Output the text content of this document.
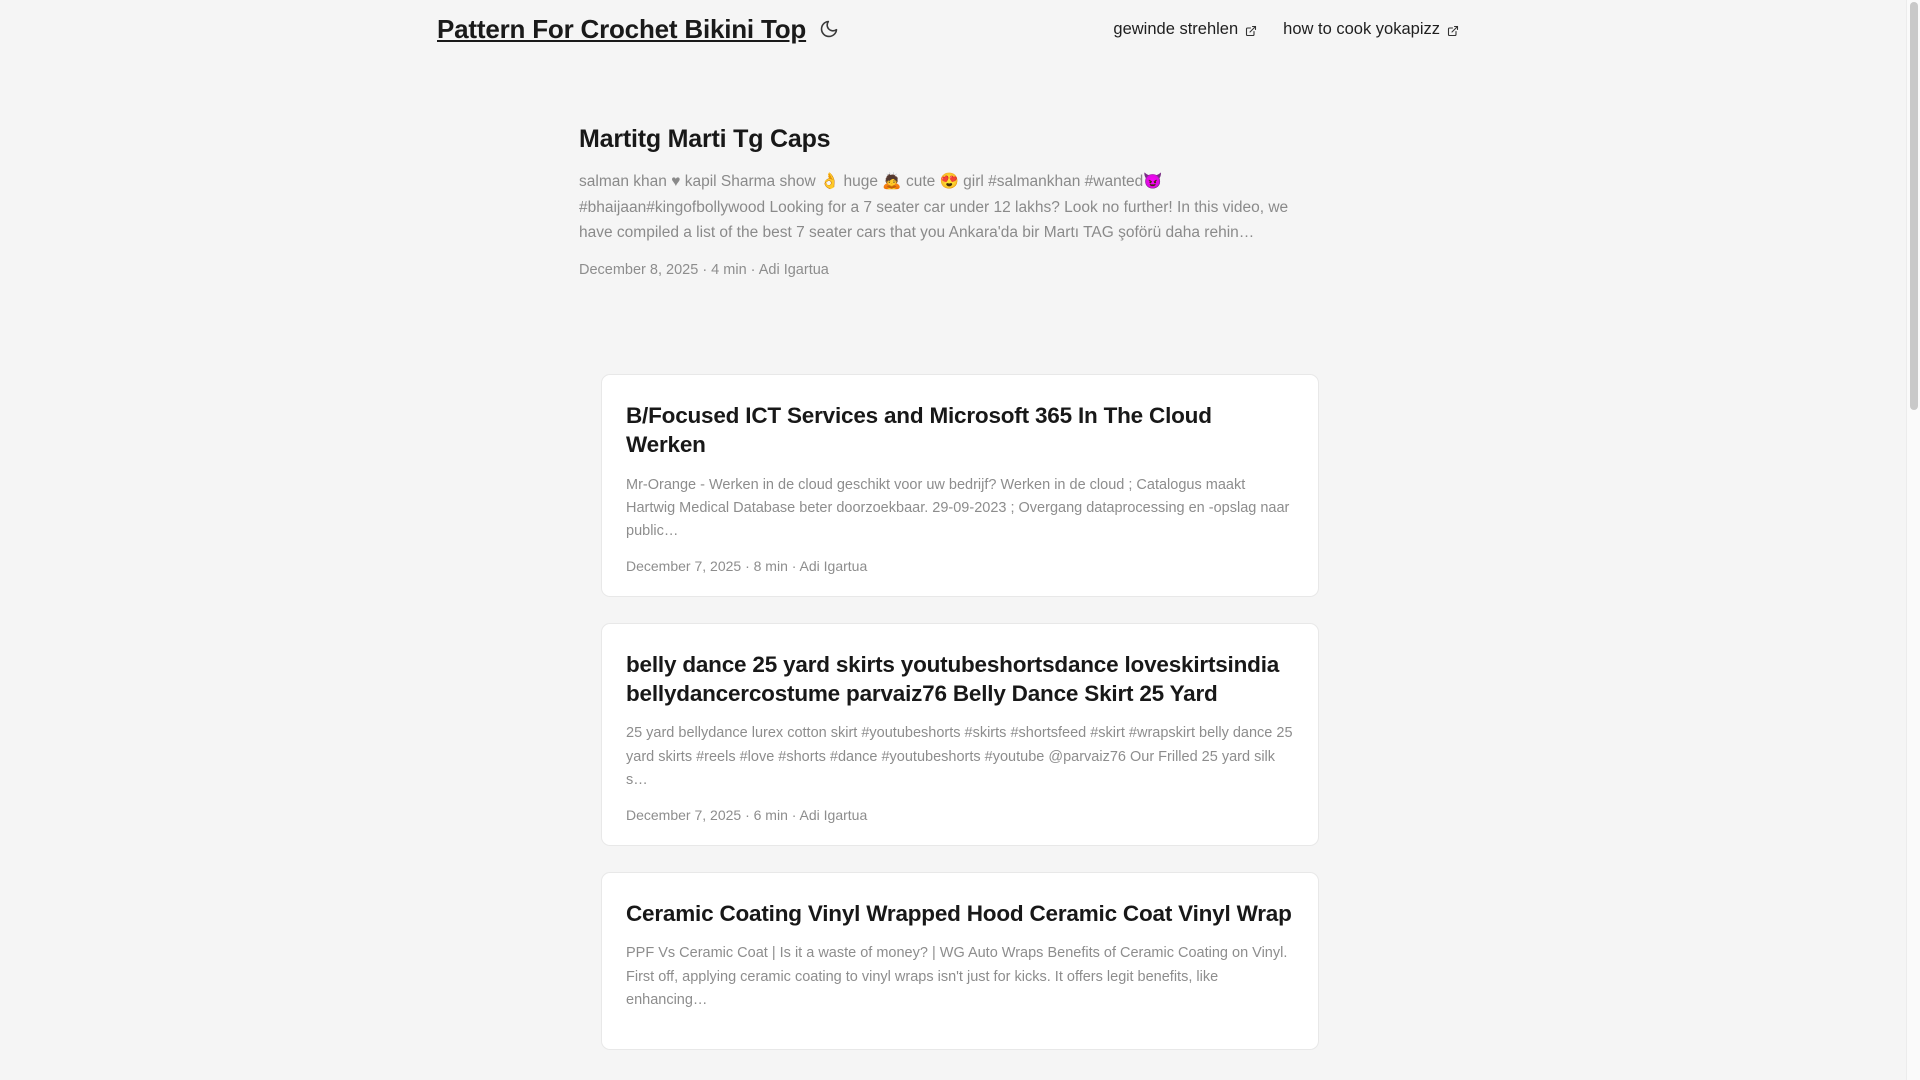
Pattern For Crochet Bikini Top	gewinde strehlen	how to cook yokapizz
Martitg Marti Tg Caps

salman khan ♥ kapil Sharma show 👌 huge 🙇 cute 😍 girl #salmankhan #wanted😈 #bhaijaan#kingofbollywood Looking for a 7 seater car under 12 lakhs? Look no further! In this video, we have compiled a list of the best 7 seater cars that you Ankara'da bir Martı TAG şoförü daha rehin…

December 8, 2025 · 4 min · Adi Igartua
B/Focused ICT Services and Microsoft 365 In The Cloud Werken

Mr-Orange - Werken in de cloud geschikt voor uw bedrijf? Werken in de cloud ; Catalogus maakt Hartwig Medical Database beter doorzoekbaar. 29-09-2023 ; Overgang dataprocessing en -opslag naar public…

December 7, 2025 · 8 min · Adi Igartua
belly dance 25 yard skirts youtubeshortsdance loveskirtsindia bellydancercostume parvaiz76 Belly Dance Skirt 25 Yard

25 yard bellydance lurex cotton skirt #youtubeshorts #skirts #shortsfeed #skirt #wrapskirt belly dance 25 yard skirts #reels #love #shorts #dance #youtubeshorts #youtube @parvaiz76 Our Frilled 25 yard silk s…

December 7, 2025 · 6 min · Adi Igartua
Ceramic Coating Vinyl Wrapped Hood Ceramic Coat Vinyl Wrap

PPF Vs Ceramic Coat | Is it a waste of money? | WG Auto Wraps Benefits of Ceramic Coating on Vinyl. First off, applying ceramic coating to vinyl wraps isn't just for kicks. It offers legit benefits, like enhancing…
